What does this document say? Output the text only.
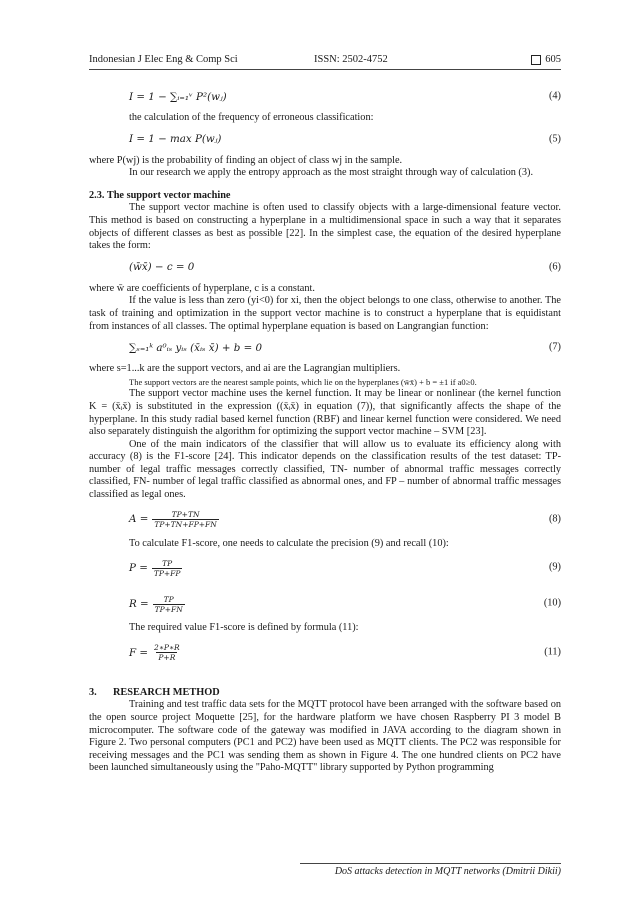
Indonesian J Elec Eng & Comp Sci	ISSN: 2502-4752	605
I = 1 − ∑ᵢ₌₁ᵛ P²(wⱼ)	(4)

the calculation of the frequency of erroneous classification:

I = 1 − max P(wⱼ)	(5)

where P(wj) is the probability of finding an object of class wj in the sample.

In our research we apply the entropy approach as the most straight through way of calculation (3).

2.3. The support vector machine

The support vector machine is often used to classify objects with a large-dimensional feature vector. This method is based on constructing a hyperplane in a multidimensional space in such a way that it separates objects of different classes as best as possible [22]. In the simplest case, the equation of the desired hyperplane takes the form:

(w̄x̄) − c = 0	(6)

where w̄ are coefficients of hyperplane, c is a constant.

If the value is less than zero (yi<0) for xi, then the object belongs to one class, otherwise to another. The task of training and optimization in the support vector machine is to construct a hyperplane that is equidistant from instances of all classes. The optimal hyperplane equation is based on Langrangian function:

∑ₛ₌₁ᵏ a⁰ᵢₛ yᵢₛ (x̄ᵢₛ x̄) + b = 0	(7)

where s=1...k are the support vectors, and ai are the Lagrangian multipliers.

The support vectors are the nearest sample points, which lie on the hyperplanes (w̄x̄) + b = ±1 if a0≥0.

The support vector machine uses the kernel function. It may be linear or nonlinear (the kernel function K = (x̄ᵢx̄) is substituted in the expression ((x̄ᵢx̄) in equation (7)), that significantly affects the shape of the hyperplane. In this study radial based kernel function (RBF) and linear kernel function were considered. We need also separately distinguish the algorithm for optimizing the support vector machine – SVM [23].

One of the main indicators of the classifier that will allow us to evaluate its efficiency along with accuracy (8) is the F1-score [24]. This indicator depends on the classification results of the test dataset: TP- number of legal traffic messages correctly classified, TN- number of abnormal traffic messages correctly classified, FN- number of legal traffic classified as abnormal ones, and FP – number of abnormal traffic messages classified as legal ones.

$A = \frac{TP+TN}{TP+TN+FP+FN}$	(8)

To calculate F1-score, one needs to calculate the precision (9) and recall (10):

$P = \frac{TP}{TP+FP}$	(9)
$R = \frac{TP}{TP+FN}$	(10)

The required value F1-score is defined by formula (11):

$F = \frac{2∗P∗R}{P+R}$	(11)

3. RESEARCH METHOD

Training and test traffic data sets for the MQTT protocol have been arranged with the software based on the open source project Moquette [25], for the hardware platform we have chosen Raspberry PI 3 model B microcomputer. The software code of the gateway was modified in JAVA according to the diagram shown in Figure 2. Two personal computers (PC1 and PC2) have been used as MQTT clients. The PC2 was responsible for receiving messages and the PC1 was sending them as shown in Figure 4. The one hundred clients on PC2 have been launched simultaneously using the "Paho-MQTT" library supported by Python programming

DoS attacks detection in MQTT networks (Dmitrii Dikii)
